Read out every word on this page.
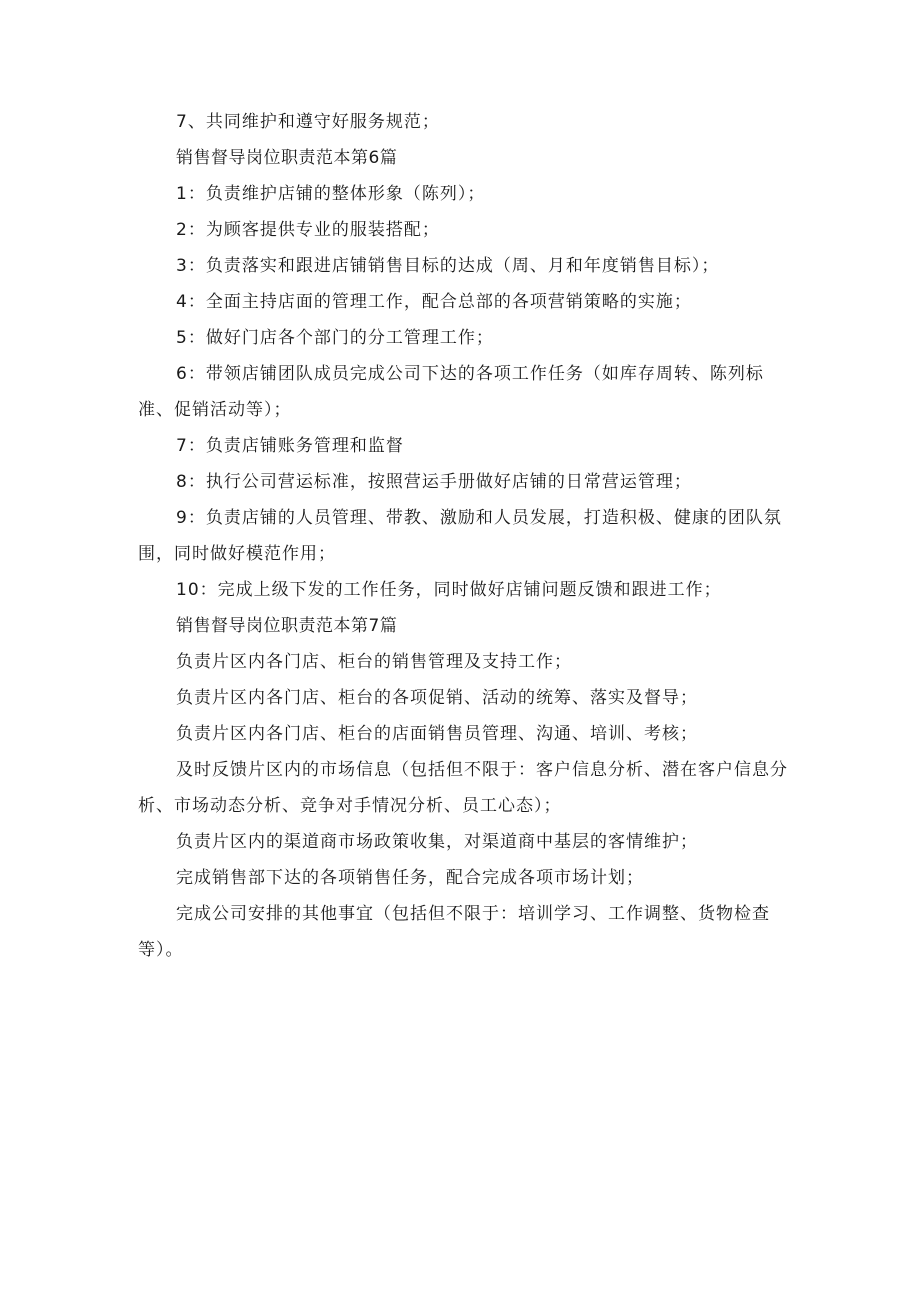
7、共同维护和遵守好服务规范；

销售督导岗位职责范本第6篇

1：负责维护店铺的整体形象（陈列）；

2：为顾客提供专业的服装搭配；

3：负责落实和跟进店铺销售目标的达成（周、月和年度销售目标）；

4：全面主持店面的管理工作，配合总部的各项营销策略的实施；

5：做好门店各个部门的分工管理工作；

6：带领店铺团队成员完成公司下达的各项工作任务（如库存周转、陈列标准、促销活动等）；

7：负责店铺账务管理和监督

8：执行公司营运标准，按照营运手册做好店铺的日常营运管理；

9：负责店铺的人员管理、带教、激励和人员发展，打造积极、健康的团队氛围，同时做好模范作用；

10：完成上级下发的工作任务，同时做好店铺问题反馈和跟进工作；

销售督导岗位职责范本第7篇

负责片区内各门店、柜台的销售管理及支持工作；

负责片区内各门店、柜台的各项促销、活动的统筹、落实及督导；

负责片区内各门店、柜台的店面销售员管理、沟通、培训、考核；

及时反馈片区内的市场信息（包括但不限于：客户信息分析、潜在客户信息分析、市场动态分析、竞争对手情况分析、员工心态）；

负责片区内的渠道商市场政策收集，对渠道商中基层的客情维护；

完成销售部下达的各项销售任务，配合完成各项市场计划；

完成公司安排的其他事宜（包括但不限于：培训学习、工作调整、货物检查等）。
